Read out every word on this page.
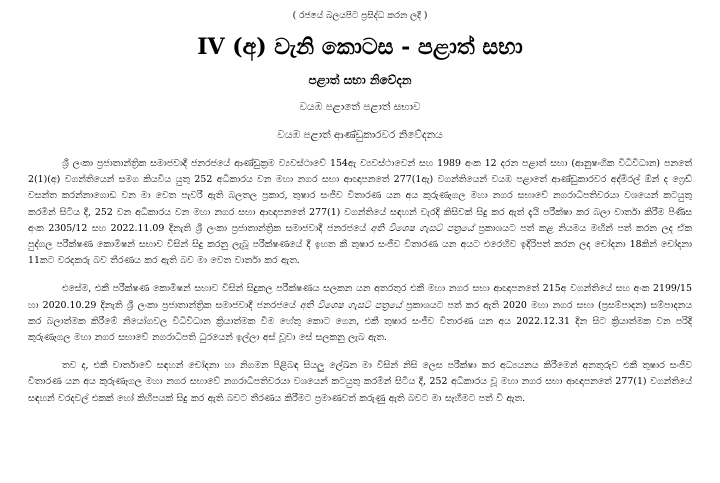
( රජයේ බලයපිට ප්‍රසිද්ධ කරන ලදී )
IV (අ) වැනි කොටස - පළාත් සභා
පළාත් සභා නිවේදන
වයඹ පළාතේ පළාත් සභාව
වයඹ පළාත් ආණ්ඩුකාරවර නිවේදනය

ශ්‍රී ලංකා ප්‍රජාතාන්ත්‍රික සමාජවාදී ජනරජයේ ආණ්ඩුක්‍රම ව්‍යවස්ථාවේ 154ඇ ව්‍යවස්ථාවෙන් සහ 1989 අංක 12 දරන පළාත් සභා (ආනුෂංගික විධිවිධාන) පනතේ 2(1)(අ) වගන්තියෙන් සමග කියවිය යුතු 252 අධිකාරය වන මහා නගර සභා ආඥාපනතේ 277(1ඇ) වගන්තියෙන් වයඹ පළාතේ ආණ්ඩුකාරවර අද්මිරල් ඕන් ද ෆ්‍රෙඩ් වසන්ත කරන්නාගොඩ වන මා වෙත පැවරී ඇති බලතල ප්‍රකාර, තුෂාර සංජීව විතාරණ යන අය කුරුණෑගල මහා නගර සභාවේ නගරාධිපතිවරයා වශයෙන් කටයුතු කරමින් සිටිය දී, 252 වන අධිකාරය වන මහා නගර සභා ආඥාපනතේ 277(1) වගන්තියේ සඳහන් වැරදි කිසිවක් සිදු කර ඇත් දැයි පරීක්ෂා කර බලා වාර්තා කිරීම පිණිස අංක 2305/12 සහ 2022.11.09 දිනැති ශ්‍රී ලංකා ප්‍රජාතාන්ත්‍රික සමාජවාදී ජනරජයේ අති විශෙෂ ගැසට් පත්‍රයේ ප්‍රකාශයට පත් කළ නියමය මඟින් පත් කරන ලද ඒක පුද්ගල පරීක්ෂණ කොමිෂන් සභාව විසින් සිදු කරනු ලැබූ පරීක්ෂණයේ දී ඉහත කී තුෂාර සංජීව විතාරණ යන අයට එරෙහිව ඉදිරිපත් කරන ලද චෝදනා 18කින් චෝදනා 11කට වරදකරු බව තීරණය කර ඇති බව මා වෙත වාර්තා කර ඇත.

එසේම, එකී පරීක්ෂණ කොමිෂන් සභාව විසින් සිදුකල පරීක්ෂණය සලකන යන අතරතුර එකී මහා නගර සභා ආඥාපනතේ 215අ වගන්තියේ සහ අංක 2199/15 හා 2020.10.29 දිනැති ශ්‍රී ලංකා ප්‍රජාතාන්ත්‍රික සමාජවාදී ජනරජයේ අති විශෙෂ ගැසට් පත්‍රයේ ප්‍රකාශයට පත් කර ඇති 2020 මහා නගර සභා (ප්‍රසම්පාදන) සම්පාදනය කර බලාත්මක කිරීමේ නියෝගවල විධිවිධාන ක්‍රියාත්මක වීම හේතු කොට ගෙන, එකී තුෂාර සංජීව විතාරණ යන අය 2022.12.31 දින සිට ක්‍රියාත්මක වන පරිදි කුරුණෑගල මහා නගර සභාවේ නගරාධිපති ධුරයෙන් ඉල්ලා අස් වූවා සේ සලකනු ලැබ ඇත.

තව ද, එකී වාර්තාවේ සඳහන් චෝදනා හා නිගමන පිළිබඳ සියලු ලේඛන මා විසින් නිසි ලෙස පරීක්ෂා කර අධ්‍යයනය කිරීමෙන් අනතුරුව එකී තුෂාර සංජීව විතාරණ යන අය කුරුණෑගල මහා නගර සභාවේ නගරාධිපතිවරයා වශයෙන් කටයුතු කරමින් සිටිය දී, 252 අධිකාරය වූ මහා නගර සභා ආඥාපනතේ 277(1) වගන්තියේ සඳහන් වරදවල් එකක් හෝ කිහිපයක් සිදු කර ඇති බවට තීරණය කිරීමට ප්‍රමාණවත් කරුණු ඇති බවට මා සෑහීමට පත් වී ඇත.
